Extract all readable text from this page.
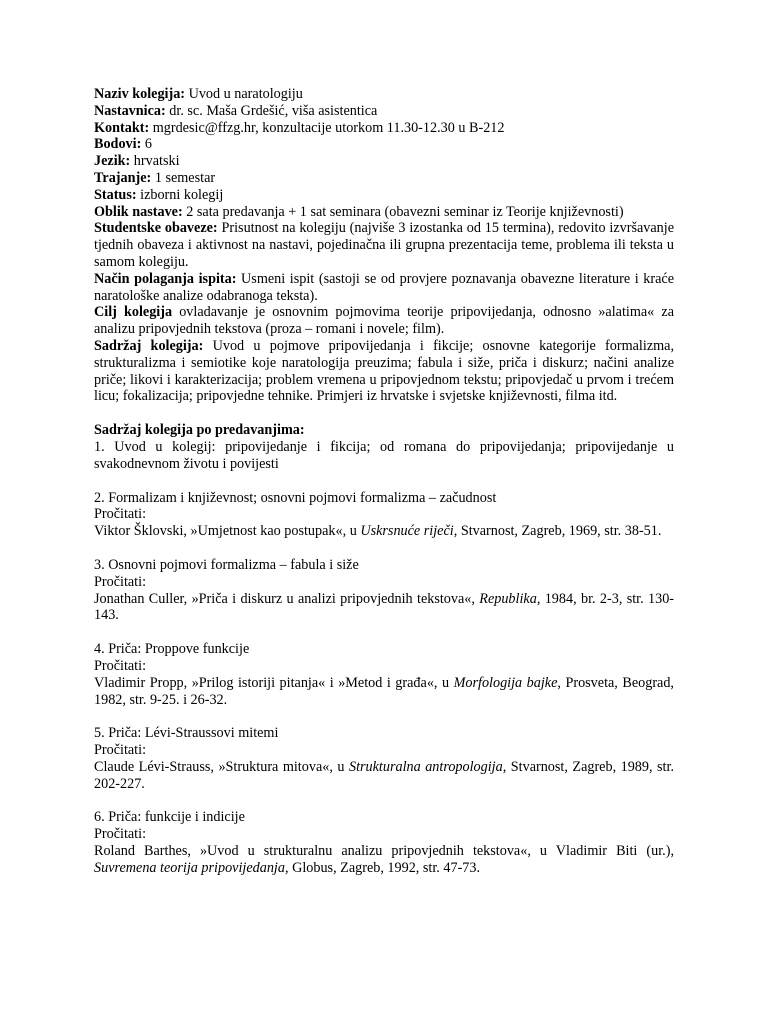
Naziv kolegija: Uvod u naratologiju
Nastavnica: dr. sc. Maša Grdešić, viša asistentica
Kontakt: mgrdesic@ffzg.hr, konzultacije utorkom 11.30-12.30 u B-212
Bodovi: 6
Jezik: hrvatski
Trajanje: 1 semestar
Status: izborni kolegij
Oblik nastave: 2 sata predavanja + 1 sat seminara (obavezni seminar iz Teorije književnosti)
Studentske obaveze: Prisutnost na kolegiju (najviše 3 izostanka od 15 termina), redovito izvršavanje tjednih obaveza i aktivnost na nastavi, pojedinačna ili grupna prezentacija teme, problema ili teksta u samom kolegiju.
Način polaganja ispita: Usmeni ispit (sastoji se od provjere poznavanja obavezne literature i kraće naratološke analize odabranoga teksta).
Cilj kolegija ovladavanje je osnovnim pojmovima teorije pripovijedanja, odnosno »alatima« za analizu pripovjednih tekstova (proza – romani i novele; film).
Sadržaj kolegija: Uvod u pojmove pripovijedanja i fikcije; osnovne kategorije formalizma, strukturalizma i semiotike koje naratologija preuzima; fabula i siže, priča i diskurz; načini analize priče; likovi i karakterizacija; problem vremena u pripovjednom tekstu; pripovjedač u prvom i trećem licu; fokalizacija; pripovjedne tehnike. Primjeri iz hrvatske i svjetske književnosti, filma itd.
Sadržaj kolegija po predavanjima:
1. Uvod u kolegij: pripovijedanje i fikcija; od romana do pripovijedanja; pripovijedanje u svakodnevnom životu i povijesti
2. Formalizam i književnost; osnovni pojmovi formalizma – začudnost
Pročitati:
Viktor Šklovski, »Umjetnost kao postupak«, u Uskrsnuće riječi, Stvarnost, Zagreb, 1969, str. 38-51.
3. Osnovni pojmovi formalizma – fabula i siže
Pročitati:
Jonathan Culler, »Priča i diskurz u analizi pripovjednih tekstova«, Republika, 1984, br. 2-3, str. 130-143.
4. Priča: Proppove funkcije
Pročitati:
Vladimir Propp, »Prilog istoriji pitanja« i »Metod i građa«, u Morfologija bajke, Prosveta, Beograd, 1982, str. 9-25. i 26-32.
5. Priča: Lévi-Straussovi mitemi
Pročitati:
Claude Lévi-Strauss, »Struktura mitova«, u Strukturalna antropologija, Stvarnost, Zagreb, 1989, str. 202-227.
6. Priča: funkcije i indicije
Pročitati:
Roland Barthes, »Uvod u strukturalnu analizu pripovjednih tekstova«, u Vladimir Biti (ur.), Suvremena teorija pripovijedanja, Globus, Zagreb, 1992, str. 47-73.
